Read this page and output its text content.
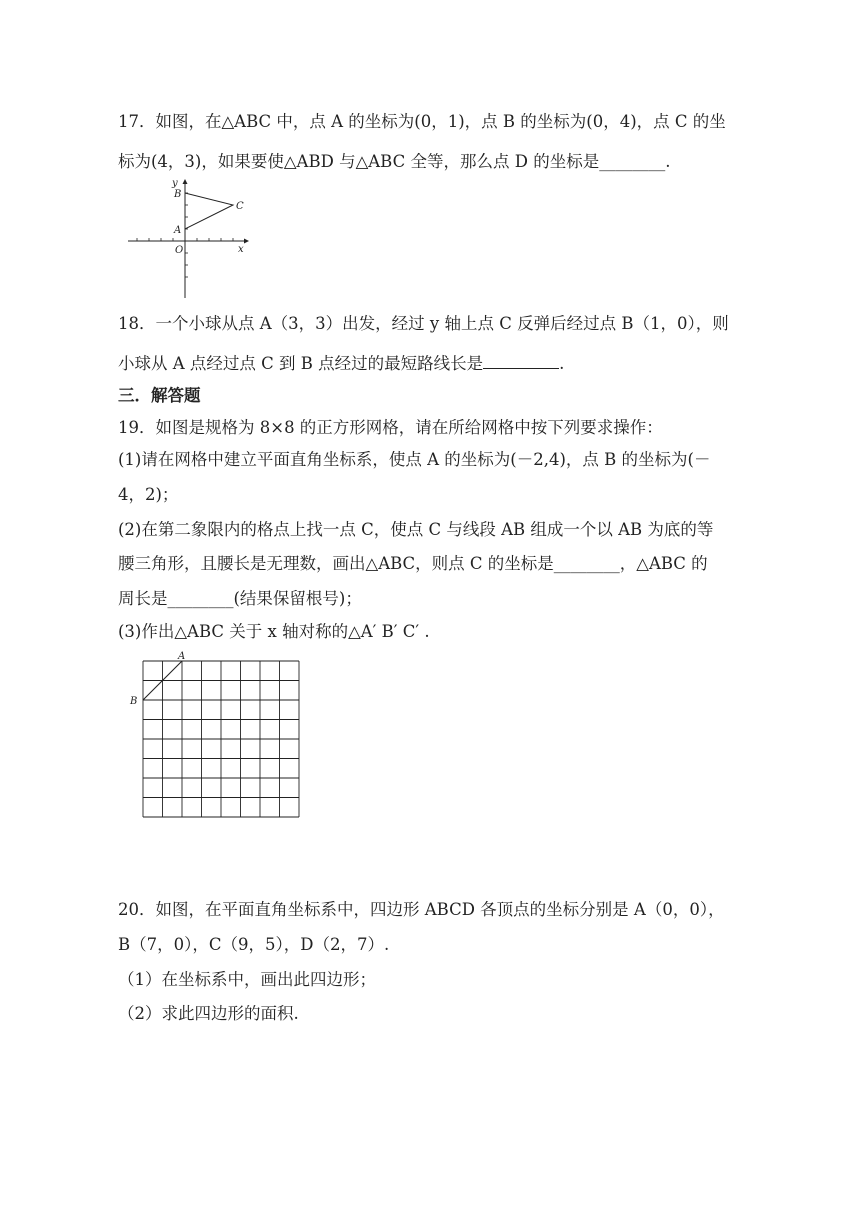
17．如图，在△ABC 中，点 A 的坐标为(0，1)，点 B 的坐标为(0，4)，点 C 的坐
标为(4，3)，如果要使△ABD 与△ABC 全等，那么点 D 的坐标是________.
y
B
C
A
O	x
18．一个小球从点 A（3，3）出发，经过 y 轴上点 C 反弹后经过点 B（1，0），则
小球从 A 点经过点 C 到 B 点经过的最短路线长是	.
三．解答题
19．如图是规格为 8×8 的正方形网格，请在所给网格中按下列要求操作：
(1)请在网格中建立平面直角坐标系，使点 A 的坐标为(－2,4)，点 B 的坐标为(－
4，2)；
(2)在第二象限内的格点上找一点 C，使点 C 与线段 AB 组成一个以 AB 为底的等
腰三角形，且腰长是无理数，画出△ABC，则点 C 的坐标是________，△ABC 的
周长是________(结果保留根号)；
(3)作出△ABC 关于 x 轴对称的△A′ B′ C′ .
A
B
20．如图，在平面直角坐标系中，四边形 ABCD 各顶点的坐标分别是 A（0，0），
B（7，0），C（9，5），D（2，7）.
（1）在坐标系中，画出此四边形；
（2）求此四边形的面积.
